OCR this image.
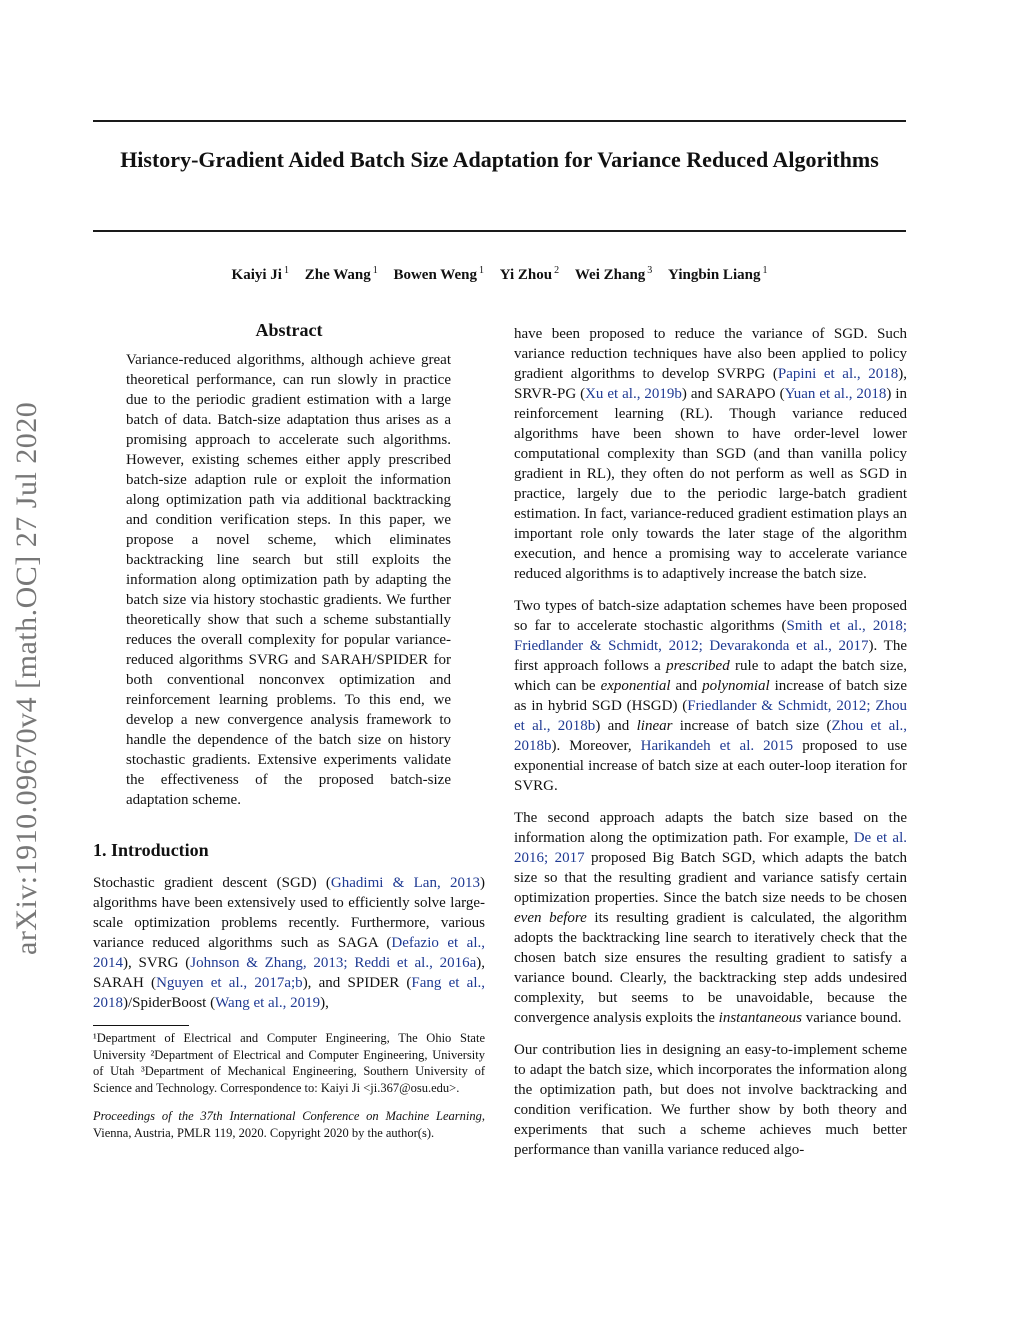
History-Gradient Aided Batch Size Adaptation for Variance Reduced Algorithms
Kaiyi Ji $^1$ Zhe Wang $^1$ Bowen Weng $^1$ Yi Zhou $^2$ Wei Zhang $^3$ Yingbin Liang $^1$
arXiv:1910.09670v4 [math.OC] 27 Jul 2020
Abstract
Variance-reduced algorithms, although achieve great theoretical performance, can run slowly in practice due to the periodic gradient estimation with a large batch of data. Batch-size adaptation thus arises as a promising approach to accelerate such algorithms. However, existing schemes either apply prescribed batch-size adaption rule or exploit the information along optimization path via additional backtracking and condition verification steps. In this paper, we propose a novel scheme, which eliminates backtracking line search but still exploits the information along optimization path by adapting the batch size via history stochastic gradients. We further theoretically show that such a scheme substantially reduces the overall complexity for popular variance-reduced algorithms SVRG and SARAH/SPIDER for both conventional nonconvex optimization and reinforcement learning problems. To this end, we develop a new convergence analysis framework to handle the dependence of the batch size on history stochastic gradients. Extensive experiments validate the effectiveness of the proposed batch-size adaptation scheme.
1. Introduction

Stochastic gradient descent (SGD) (Ghadimi & Lan, 2013) algorithms have been extensively used to efficiently solve large-scale optimization problems recently. Furthermore, various variance reduced algorithms such as SAGA (Defazio et al., 2014), SVRG (Johnson & Zhang, 2013; Reddi et al., 2016a), SARAH (Nguyen et al., 2017a;b), and SPIDER (Fang et al., 2018)/SpiderBoost (Wang et al., 2019),

¹Department of Electrical and Computer Engineering, The Ohio State University ²Department of Electrical and Computer Engineering, University of Utah ³Department of Mechanical Engineering, Southern University of Science and Technology. Correspondence to: Kaiyi Ji <ji.367@osu.edu>.

Proceedings of the 37th International Conference on Machine Learning, Vienna, Austria, PMLR 119, 2020. Copyright 2020 by the author(s).

have been proposed to reduce the variance of SGD. Such variance reduction techniques have also been applied to policy gradient algorithms to develop SVRPG (Papini et al., 2018), SRVR-PG (Xu et al., 2019b) and SARAPO (Yuan et al., 2018) in reinforcement learning (RL). Though variance reduced algorithms have been shown to have order-level lower computational complexity than SGD (and than vanilla policy gradient in RL), they often do not perform as well as SGD in practice, largely due to the periodic large-batch gradient estimation. In fact, variance-reduced gradient estimation plays an important role only towards the later stage of the algorithm execution, and hence a promising way to accelerate variance reduced algorithms is to adaptively increase the batch size.

Two types of batch-size adaptation schemes have been proposed so far to accelerate stochastic algorithms (Smith et al., 2018; Friedlander & Schmidt, 2012; Devarakonda et al., 2017). The first approach follows a prescribed rule to adapt the batch size, which can be exponential and polynomial increase of batch size as in hybrid SGD (HSGD) (Friedlander & Schmidt, 2012; Zhou et al., 2018b) and linear increase of batch size (Zhou et al., 2018b). Moreover, Harikandeh et al. 2015 proposed to use exponential increase of batch size at each outer-loop iteration for SVRG.

The second approach adapts the batch size based on the information along the optimization path. For example, De et al. 2016; 2017 proposed Big Batch SGD, which adapts the batch size so that the resulting gradient and variance satisfy certain optimization properties. Since the batch size needs to be chosen even before its resulting gradient is calculated, the algorithm adopts the backtracking line search to iteratively check that the chosen batch size ensures the resulting gradient to satisfy a variance bound. Clearly, the backtracking step adds undesired complexity, but seems to be unavoidable, because the convergence analysis exploits the instantaneous variance bound.

Our contribution lies in designing an easy-to-implement scheme to adapt the batch size, which incorporates the information along the optimization path, but does not involve backtracking and condition verification. We further show by both theory and experiments that such a scheme achieves much better performance than vanilla variance reduced algo-
